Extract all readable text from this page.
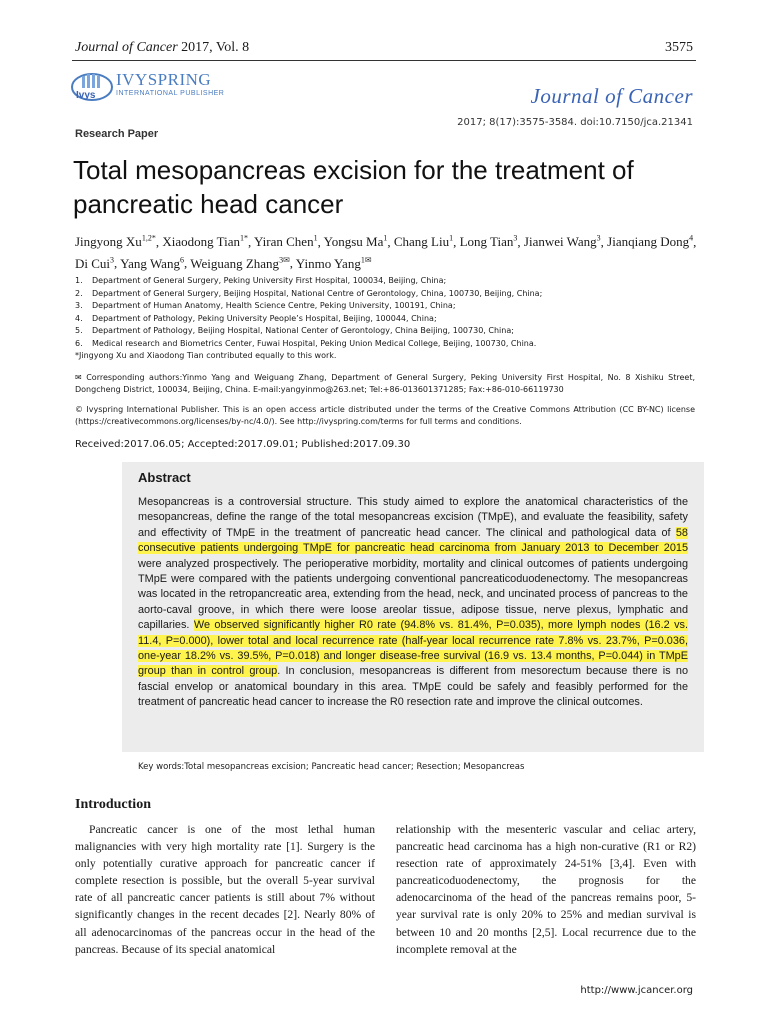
Journal of Cancer 2017, Vol. 8	3575
Ivys
IVYSPRING
INTERNATIONAL PUBLISHER	Journal of Cancer
2017; 8(17):3575-3584. doi:10.7150/jca.21341
Research Paper
Total mesopancreas excision for the treatment of pancreatic head cancer
Jingyong $Xu^{1,2*}$, Xiaodong Tian$^{1*}$, Yiran Chen$^1$, Yongsu Ma$^1$, Chang Liu$^1$, Long Tian$^3$, Jianwei Wang$^3$, Jianqiang Dong$^4$, Di Cui$^3$, Yang Wang$^6$, Weiguang Zhang$^{3✉}$, Yinmo Yang$^{1✉}$
1.	Department of General Surgery, Peking University First Hospital, 100034, Beijing, China;
2.	Department of General Surgery, Beijing Hospital, National Centre of Gerontology, China, 100730, Beijing, China;
3.	Department of Human Anatomy, Health Science Centre, Peking University, 100191, China;
4.	Department of Pathology, Peking University People’s Hospital, Beijing, 100044, China;
5.	Department of Pathology, Beijing Hospital, National Center of Gerontology, China Beijing, 100730, China;
6.	Medical research and Biometrics Center, Fuwai Hospital, Peking Union Medical College, Beijing, 100730, China.
*Jingyong Xu and Xiaodong Tian contributed equally to this work.
✉ Corresponding authors:Yinmo Yang and Weiguang Zhang, Department of General Surgery, Peking University First Hospital, No. 8 Xishiku Street, Dongcheng District, 100034, Beijing, China. E-mail:yangyinmo@263.net; Tel:+86-013601371285; Fax:+86-010-66119730
© Ivyspring International Publisher. This is an open access article distributed under the terms of the Creative Commons Attribution (CC BY-NC) license (https://creativecommons.org/licenses/by-nc/4.0/). See http://ivyspring.com/terms for full terms and conditions.
Received:2017.06.05; Accepted:2017.09.01; Published:2017.09.30
Abstract
Mesopancreas is a controversial structure. This study aimed to explore the anatomical characteristics of the mesopancreas, define the range of the total mesopancreas excision (TMpE), and evaluate the feasibility, safety and effectivity of TMpE in the treatment of pancreatic head cancer. The clinical and pathological data of 58 consecutive patients undergoing TMpE for pancreatic head carcinoma from January 2013 to December 2015 were analyzed prospectively. The perioperative morbidity, mortality and clinical outcomes of patients undergoing TMpE were compared with the patients undergoing conventional pancreaticoduodenectomy. The mesopancreas was located in the retropancreatic area, extending from the head, neck, and uncinated process of pancreas to the aorto-caval groove, in which there were loose areolar tissue, adipose tissue, nerve plexus, lymphatic and capillaries. We observed significantly higher R0 rate (94.8% vs. 81.4%, P=0.035), more lymph nodes (16.2 vs. 11.4, P=0.000), lower total and local recurrence rate (half-year local recurrence rate 7.8% vs. 23.7%, P=0.036, one-year 18.2% vs. 39.5%, P=0.018) and longer disease-free survival (16.9 vs. 13.4 months, P=0.044) in TMpE group than in control group. In conclusion, mesopancreas is different from mesorectum because there is no fascial envelop or anatomical boundary in this area. TMpE could be safely and feasibly performed for the treatment of pancreatic head cancer to increase the R0 resection rate and improve the clinical outcomes.
Key words:Total mesopancreas excision; Pancreatic head cancer; Resection; Mesopancreas
Introduction
Pancreatic cancer is one of the most lethal human malignancies with very high mortality rate [1]. Surgery is the only potentially curative approach for pancreatic cancer if complete resection is possible, but the overall 5-year survival rate of all pancreatic cancer patients is still about 7% without significantly changes in the recent decades [2]. Nearly 80% of all adenocarcinomas of the pancreas occur in the head of the pancreas. Because of its special anatomical
relationship with the mesenteric vascular and celiac artery, pancreatic head carcinoma has a high non-curative (R1 or R2) resection rate of approximately 24-51% [3,4]. Even with pancreaticoduodenectomy, the prognosis for the adenocarcinoma of the head of the pancreas remains poor, 5-year survival rate is only 20% to 25% and median survival is between 10 and 20 months [2,5]. Local recurrence due to the incomplete removal at the
http://www.jcancer.org
